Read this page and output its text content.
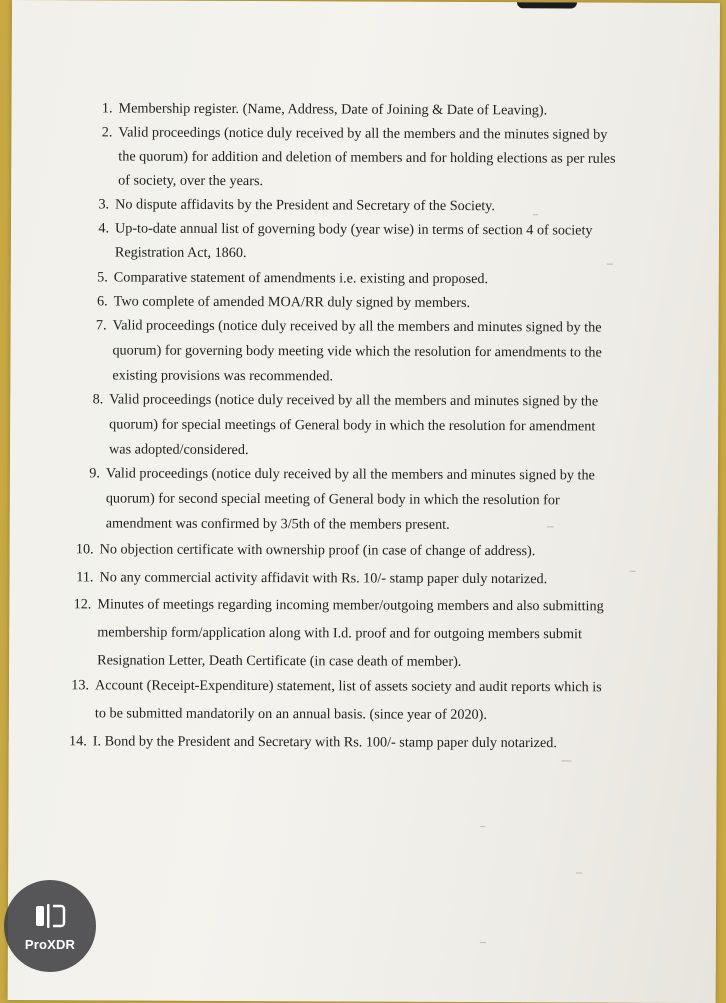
1. Membership register. (Name, Address, Date of Joining & Date of Leaving).
2. Valid proceedings (notice duly received by all the members and the minutes signed by
the quorum) for addition and deletion of members and for holding elections as per rules
of society, over the years.
3. No dispute affidavits by the President and Secretary of the Society.
4. Up-to-date annual list of governing body (year wise) in terms of section 4 of society
Registration Act, 1860.
5. Comparative statement of amendments i.e. existing and proposed.
6. Two complete of amended MOA/RR duly signed by members.
7. Valid proceedings (notice duly received by all the members and minutes signed by the
quorum) for governing body meeting vide which the resolution for amendments to the
existing provisions was recommended.
8. Valid proceedings (notice duly received by all the members and minutes signed by the
quorum) for special meetings of General body in which the resolution for amendment
was adopted/considered.
9. Valid proceedings (notice duly received by all the members and minutes signed by the
quorum) for second special meeting of General body in which the resolution for
amendment was confirmed by 3/5th of the members present.
10. No objection certificate with ownership proof (in case of change of address).
11. No any commercial activity affidavit with Rs. 10/- stamp paper duly notarized.
12. Minutes of meetings regarding incoming member/outgoing members and also submitting
membership form/application along with I.d. proof and for outgoing members submit
Resignation Letter, Death Certificate (in case death of member).
13. Account (Receipt-Expenditure) statement, list of assets society and audit reports which is
to be submitted mandatorily on an annual basis. (since year of 2020).
14. I. Bond by the President and Secretary with Rs. 100/- stamp paper duly notarized.
ProXDR
